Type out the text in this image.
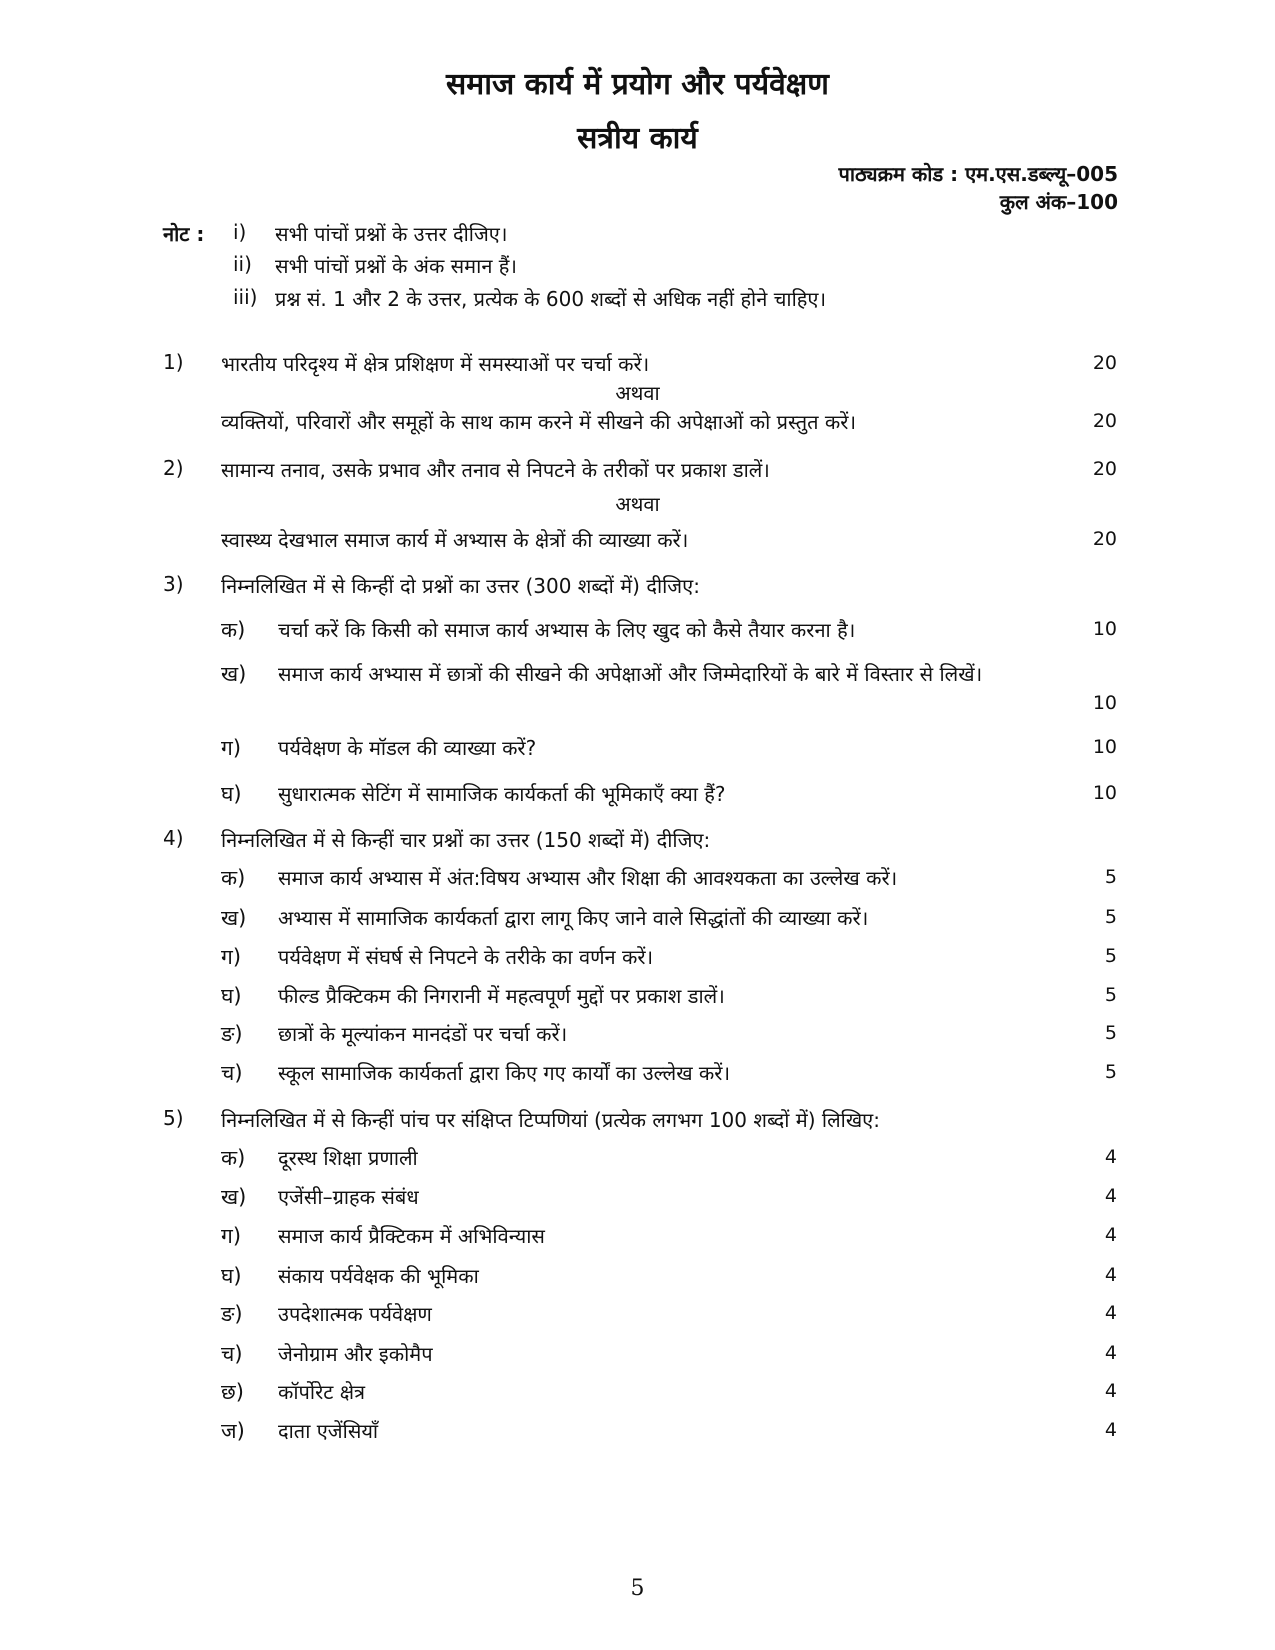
समाज कार्य में प्रयोग और पर्यवेक्षण
सत्रीय कार्य
पाठ्यक्रम कोड : एम.एस.डब्ल्यू–005
कुल अंक–100
नोट : i) सभी पांचों प्रश्नों के उत्तर दीजिए।
ii) सभी पांचों प्रश्नों के अंक समान हैं।
iii) प्रश्न सं. 1 और 2 के उत्तर, प्रत्येक के 600 शब्दों से अधिक नहीं होने चाहिए।
1) भारतीय परिदृश्य में क्षेत्र प्रशिक्षण में समस्याओं पर चर्चा करें।	20
अथवा
व्यक्तियों, परिवारों और समूहों के साथ काम करने में सीखने की अपेक्षाओं को प्रस्तुत करें।	20
2) सामान्य तनाव, उसके प्रभाव और तनाव से निपटने के तरीकों पर प्रकाश डालें।	20
अथवा
स्वास्थ्य देखभाल समाज कार्य में अभ्यास के क्षेत्रों की व्याख्या करें।	20
3) निम्नलिखित में से किन्हीं दो प्रश्नों का उत्तर (300 शब्दों में) दीजिए:
क) चर्चा करें कि किसी को समाज कार्य अभ्यास के लिए खुद को कैसे तैयार करना है।	10
ख) समाज कार्य अभ्यास में छात्रों की सीखने की अपेक्षाओं और जिम्मेदारियों के बारे में विस्तार से लिखें।
10
ग) पर्यवेक्षण के मॉडल की व्याख्या करें?	10
घ) सुधारात्मक सेटिंग में सामाजिक कार्यकर्ता की भूमिकाएँ क्या हैं?	10
4) निम्नलिखित में से किन्हीं चार प्रश्नों का उत्तर (150 शब्दों में) दीजिए:
क) समाज कार्य अभ्यास में अंत:विषय अभ्यास और शिक्षा की आवश्यकता का उल्लेख करें।	5
ख) अभ्यास में सामाजिक कार्यकर्ता द्वारा लागू किए जाने वाले सिद्धांतों की व्याख्या करें।	5
ग) पर्यवेक्षण में संघर्ष से निपटने के तरीके का वर्णन करें।	5
घ) फील्ड प्रैक्टिकम की निगरानी में महत्वपूर्ण मुद्दों पर प्रकाश डालें।	5
ङ) छात्रों के मूल्यांकन मानदंडों पर चर्चा करें।	5
च) स्कूल सामाजिक कार्यकर्ता द्वारा किए गए कार्यों का उल्लेख करें।	5
5) निम्नलिखित में से किन्हीं पांच पर संक्षिप्त टिप्पणियां (प्रत्येक लगभग 100 शब्दों में) लिखिए:
क) दूरस्थ शिक्षा प्रणाली	4
ख) एजेंसी–ग्राहक संबंध	4
ग) समाज कार्य प्रैक्टिकम में अभिविन्यास	4
घ) संकाय पर्यवेक्षक की भूमिका	4
ङ) उपदेशात्मक पर्यवेक्षण	4
च) जेनोग्राम और इकोमैप	4
छ) कॉर्पोरेट क्षेत्र	4
ज) दाता एजेंसियाँ	4
5
